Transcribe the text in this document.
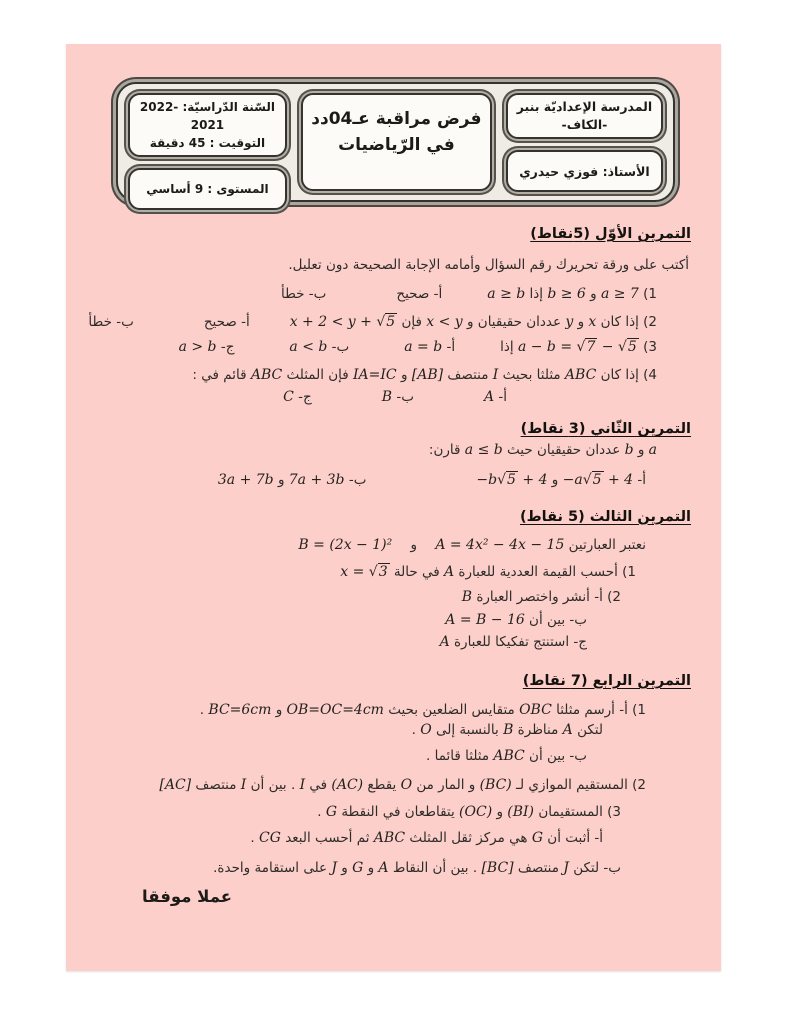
المدرسة الإعداديّة بنبر
-الكاف-
الأستاذ: فوزي حيدري
فرض مراقبة عـ04دد
في الرّياضيات
السّنة الدّراسيّة: 2022-2021
التوقيت : 45 دقيقة
المستوى : 9 أساسي
التمرين الأوّل (5نقاط)
أكتب على ورقة تحريرك رقم السؤال وأمامه الإجابة الصحيحة دون تعليل.
1) a ≥ 7 و b ≥ 6 إذا a ≥ bأ- صحيحب- خطأ
2) إذا كان x و y عددان حقيقيان و x < y فإن x + 2 < y + √5أ- صحيحب- خطأ
3) a − b = √7 − √5 إذاأ- a = bب- a < bج- a > b
4) إذا كان ABC مثلثا بحيث I منتصف [AB] و IA=IC فإن المثلث ABC قائم في :
أ- Aب- Bج- C
التمرين الثّاني (3 نقاط)
a و b عددان حقيقيان حيث a ≤ b قارن:
أ- −a√5 + 4 و −b√5 + 4ب- 7a + 3b و 3a + 7b
التمرين الثالث (5 نقاط)
نعتبر العبارتين A = 4x² − 4x − 15 و B = (2x − 1)²
1) أحسب القيمة العددية للعبارة A في حالة x = √3
2) أ- أنشر واختصر العبارة B
ب- بين أن A = B − 16
ج- استنتج تفكيكا للعبارة A
التمرين الرابع (7 نقاط)
1) أ- أرسم مثلثا OBC متقايس الضلعين بحيث OB=OC=4cm و BC=6cm .
لتكن A مناظرة B بالنسبة إلى O .
ب- بين أن ABC مثلثا قائما .
2) المستقيم الموازي لـ (BC) و المار من O يقطع (AC) في I . بين أن I منتصف [AC]
3) المستقيمان (BI) و (OC) يتقاطعان في النقطة G .
أ- أثبت أن G هي مركز ثقل المثلث ABC ثم أحسب البعد CG .
ب- لتكن J منتصف [BC] . بين أن النقاط A و G و J على استقامة واحدة.
عملا موفقا
